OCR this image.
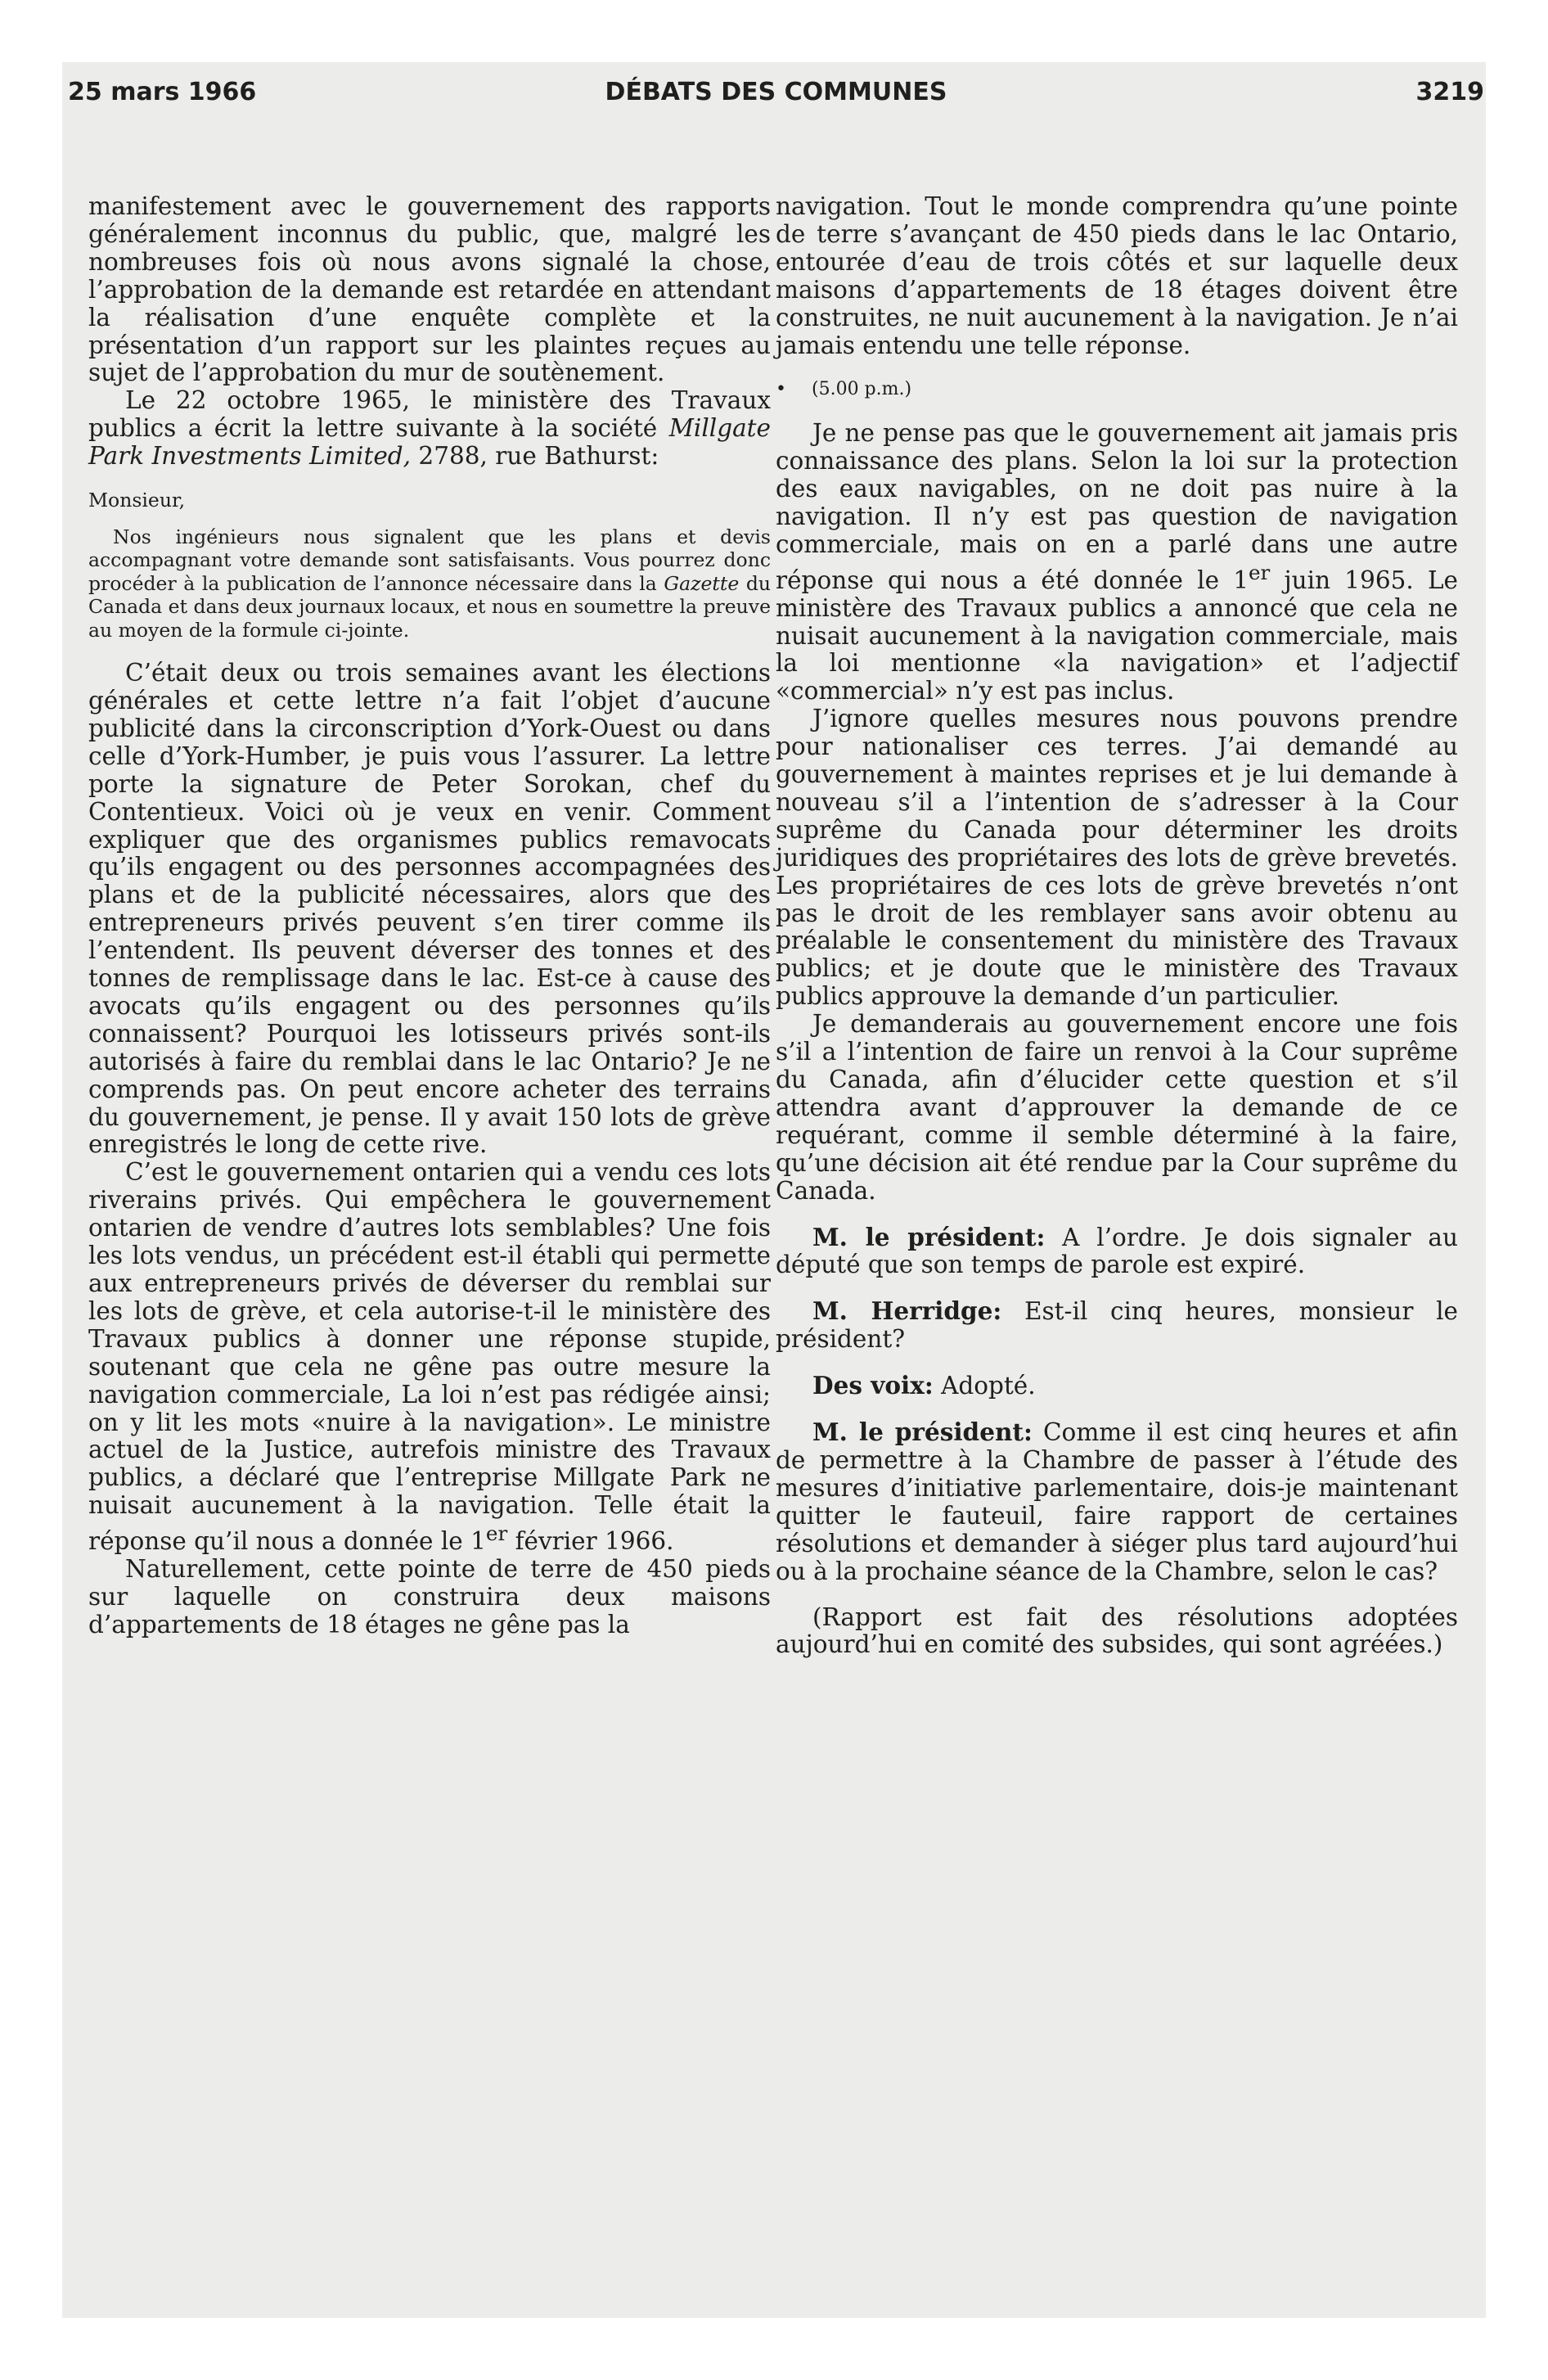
25 mars 1966	DÉBATS DES COMMUNES	3219

manifestement avec le gouvernement des rapports généralement inconnus du public, que, malgré les nombreuses fois où nous avons signalé la chose, l’approbation de la demande est retardée en attendant la réalisation d’une enquête complète et la présentation d’un rapport sur les plaintes reçues au sujet de l’approbation du mur de soutènement.

Le 22 octobre 1965, le ministère des Travaux publics a écrit la lettre suivante à la société Millgate Park Investments Limited, 2788, rue Bathurst:

Monsieur,

Nos ingénieurs nous signalent que les plans et devis accompagnant votre demande sont satisfaisants. Vous pourrez donc procéder à la publication de l’annonce nécessaire dans la Gazette du Canada et dans deux journaux locaux, et nous en soumettre la preuve au moyen de la formule ci-jointe.

C’était deux ou trois semaines avant les élections générales et cette lettre n’a fait l’objet d’aucune publicité dans la circonscription d’York-Ouest ou dans celle d’York-Humber, je puis vous l’assurer. La lettre porte la signature de Peter Sorokan, chef du Contentieux. Voici où je veux en venir. Comment expliquer que des organismes publics remavocats qu’ils engagent ou des personnes accompagnées des plans et de la publicité nécessaires, alors que des entrepreneurs privés peuvent s’en tirer comme ils l’entendent. Ils peuvent déverser des tonnes et des tonnes de remplissage dans le lac. Est-ce à cause des avocats qu’ils engagent ou des personnes qu’ils connaissent? Pourquoi les lotisseurs privés sont-ils autorisés à faire du remblai dans le lac Ontario? Je ne comprends pas. On peut encore acheter des terrains du gouvernement, je pense. Il y avait 150 lots de grève enregistrés le long de cette rive.

C’est le gouvernement ontarien qui a vendu ces lots riverains privés. Qui empêchera le gouvernement ontarien de vendre d’autres lots semblables? Une fois les lots vendus, un précédent est-il établi qui permette aux entrepreneurs privés de déverser du remblai sur les lots de grève, et cela autorise-t-il le ministère des Travaux publics à donner une réponse stupide, soutenant que cela ne gêne pas outre mesure la navigation commerciale, La loi n’est pas rédigée ainsi; on y lit les mots «nuire à la navigation». Le ministre actuel de la Justice, autrefois ministre des Travaux publics, a déclaré que l’entreprise Millgate Park ne nuisait aucunement à la navigation. Telle était la réponse qu’il nous a donnée le 1er février 1966.

Naturellement, cette pointe de terre de 450 pieds sur laquelle on construira deux maisons d’appartements de 18 étages ne gêne pas la

navigation. Tout le monde comprendra qu’une pointe de terre s’avançant de 450 pieds dans le lac Ontario, entourée d’eau de trois côtés et sur laquelle deux maisons d’appartements de 18 étages doivent être construites, ne nuit aucunement à la navigation. Je n’ai jamais entendu une telle réponse.

• (5.00 p.m.)

Je ne pense pas que le gouvernement ait jamais pris connaissance des plans. Selon la loi sur la protection des eaux navigables, on ne doit pas nuire à la navigation. Il n’y est pas question de navigation commerciale, mais on en a parlé dans une autre réponse qui nous a été donnée le 1er juin 1965. Le ministère des Travaux publics a annoncé que cela ne nuisait aucunement à la navigation commerciale, mais la loi mentionne «la navigation» et l’adjectif «commercial» n’y est pas inclus.

J’ignore quelles mesures nous pouvons prendre pour nationaliser ces terres. J’ai demandé au gouvernement à maintes reprises et je lui demande à nouveau s’il a l’intention de s’adresser à la Cour suprême du Canada pour déterminer les droits juridiques des propriétaires des lots de grève brevetés. Les propriétaires de ces lots de grève brevetés n’ont pas le droit de les remblayer sans avoir obtenu au préalable le consentement du ministère des Travaux publics; et je doute que le ministère des Travaux publics approuve la demande d’un particulier.

Je demanderais au gouvernement encore une fois s’il a l’intention de faire un renvoi à la Cour suprême du Canada, afin d’élucider cette question et s’il attendra avant d’approuver la demande de ce requérant, comme il semble déterminé à la faire, qu’une décision ait été rendue par la Cour suprême du Canada.

M. le président: A l’ordre. Je dois signaler au député que son temps de parole est expiré.

M. Herridge: Est-il cinq heures, monsieur le président?

Des voix: Adopté.

M. le président: Comme il est cinq heures et afin de permettre à la Chambre de passer à l’étude des mesures d’initiative parlementaire, dois-je maintenant quitter le fauteuil, faire rapport de certaines résolutions et demander à siéger plus tard aujourd’hui ou à la prochaine séance de la Chambre, selon le cas?

(Rapport est fait des résolutions adoptées aujourd’hui en comité des subsides, qui sont agréées.)
